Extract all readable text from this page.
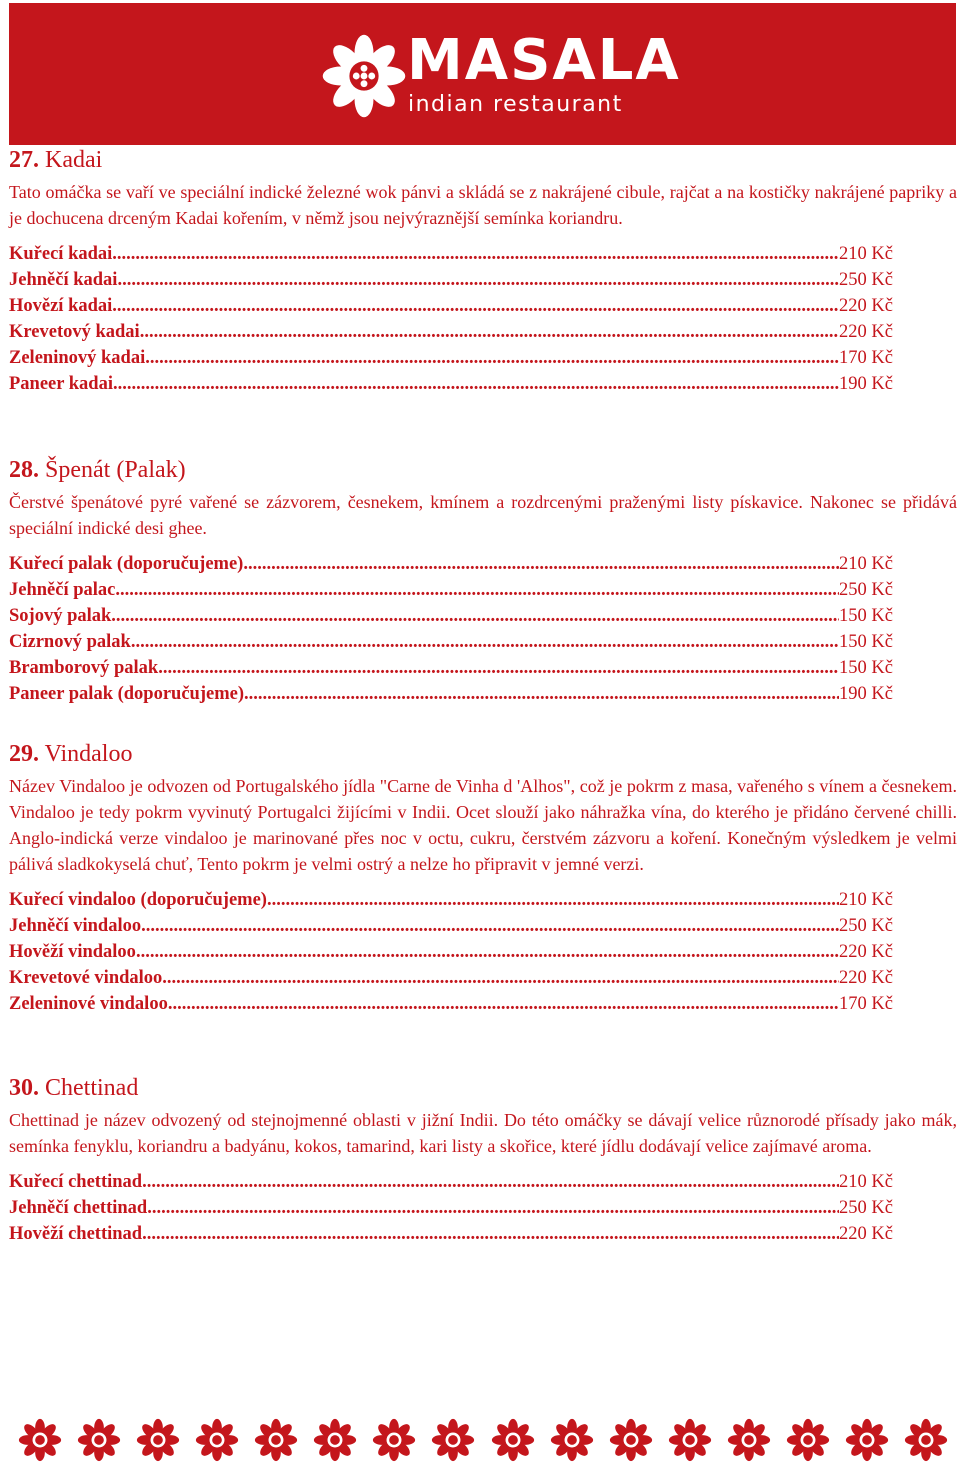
MASALA
indian restaurant
27. Kadai

Tato omáčka se vaří ve speciální indické železné wok pánvi a skládá se z nakrájené cibule, rajčat a na kostičky nakrájené papriky a je dochucena drceným Kadai kořením, v němž jsou nejvýraznější semínka koriandru.

Kuřecí kadai .....	210 Kč
Jehněčí kadai .....	250 Kč
Hovězí kadai .....	220 Kč
Krevetový kadai .....	220 Kč
Zeleninový kadai .....	170 Kč
Paneer kadai .....	190 Kč
28. Špenát (Palak)

Čerstvé špenátové pyré vařené se zázvorem, česnekem, kmínem a rozdrcenými praženými listy pískavice. Nakonec se přidává speciální indické desi ghee.

Kuřecí palak (doporučujeme) .....	210 Kč
Jehněčí palac .....	250 Kč
Sojový palak .....	150 Kč
Cizrnový palak .....	150 Kč
Bramborový palak .....	150 Kč
Paneer palak (doporučujeme) .....	190 Kč
29. Vindaloo

Název Vindaloo je odvozen od Portugalského jídla "Carne de Vinha d 'Alhos", což je pokrm z masa, vařeného s vínem a česnekem. Vindaloo je tedy pokrm vyvinutý Portugalci žijícími v Indii. Ocet slouží jako náhražka vína, do kterého je přidáno červené chilli. Anglo-indická verze vindaloo je marinované přes noc v octu, cukru, čerstvém zázvoru a koření. Konečným výsledkem je velmi pálivá sladkokyselá chuť, Tento pokrm je velmi ostrý a nelze ho připravit v jemné verzi.

Kuřecí vindaloo (doporučujeme) .....	210 Kč
Jehněčí vindaloo .....	250 Kč
Hověží vindaloo .....	220 Kč
Krevetové vindaloo .....	220 Kč
Zeleninové vindaloo .....	170 Kč
30. Chettinad

Chettinad je název odvozený od stejnojmenné oblasti v jižní Indii. Do této omáčky se dávají velice různorodé přísady jako mák, semínka fenyklu, koriandru a badyánu, kokos, tamarind, kari listy a skořice, které jídlu dodávají velice zajímavé aroma.

Kuřecí chettinad .....	210 Kč
Jehněčí chettinad .....	250 Kč
Hověží chettinad .....	220 Kč
